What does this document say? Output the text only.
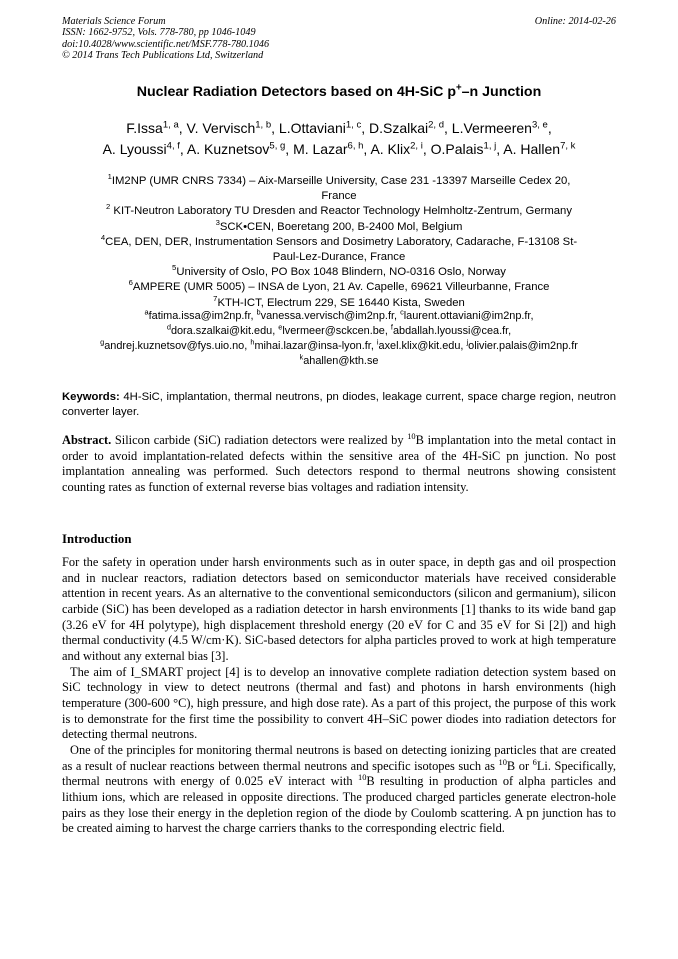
Materials Science Forum
ISSN: 1662-9752, Vols. 778-780, pp 1046-1049
doi:10.4028/www.scientific.net/MSF.778-780.1046
© 2014 Trans Tech Publications Ltd, Switzerland
Online: 2014-02-26
Nuclear Radiation Detectors based on 4H-SiC p+–n Junction
F.Issa$^{1, a}$, V. Vervisch$^{1, b}$, L.Ottaviani$^{1, c}$, D.Szalkai$^{2, d}$, L.Vermeeren$^{3, e}$,
A. Lyoussi$^{4, f}$, A. Kuznetsov$^{5, g}$, M. Lazar$^{6, h}$, A. Klix$^{2, i}$, O.Palais$^{1, j}$, A. Hallen$^{7, k}$
$^1$IM2NP (UMR CNRS 7334) – Aix-Marseille University, Case 231 -13397 Marseille Cedex 20,
France
$^2$ KIT-Neutron Laboratory TU Dresden and Reactor Technology Helmholtz-Zentrum, Germany
$^3$SCK•CEN, Boeretang 200, B-2400 Mol, Belgium
$^4$CEA, DEN, DER, Instrumentation Sensors and Dosimetry Laboratory, Cadarache, F-13108 St-
Paul-Lez-Durance, France
$^5$University of Oslo, PO Box 1048 Blindern, NO-0316 Oslo, Norway
$^6$AMPERE (UMR 5005) – INSA de Lyon, 21 Av. Capelle, 69621 Villeurbanne, France
$^7$KTH-ICT, Electrum 229, SE 16440 Kista, Sweden
$^a$fatima.issa@im2np.fr, $^b$vanessa.vervisch@im2np.fr, $^c$laurent.ottaviani@im2np.fr,
$^d$dora.szalkai@kit.edu, $^e$lvermeer@sckcen.be, $^f$abdallah.lyoussi@cea.fr,
$^g$andrej.kuznetsov@fys.uio.no, $^h$mihai.lazar@insa-lyon.fr, $^i$axel.klix@kit.edu, $^j$olivier.palais@im2np.fr
$^k$ahallen@kth.se
Keywords: 4H-SiC, implantation, thermal neutrons, pn diodes, leakage current, space charge region, neutron converter layer.
Abstract. Silicon carbide (SiC) radiation detectors were realized by $^{10}$B implantation into the metal contact in order to avoid implantation-related defects within the sensitive area of the 4H-SiC pn junction. No post implantation annealing was performed. Such detectors respond to thermal neutrons showing consistent counting rates as function of external reverse bias voltages and radiation intensity.
Introduction

For the safety in operation under harsh environments such as in outer space, in depth gas and oil prospection and in nuclear reactors, radiation detectors based on semiconductor materials have received considerable attention in recent years. As an alternative to the conventional semiconductors (silicon and germanium), silicon carbide (SiC) has been developed as a radiation detector in harsh environments [1] thanks to its wide band gap (3.26 eV for 4H polytype), high displacement threshold energy (20 eV for C and 35 eV for Si [2]) and high thermal conductivity (4.5 W/cm·K). SiC-based detectors for alpha particles proved to work at high temperature and without any external bias [3].

The aim of I_SMART project [4] is to develop an innovative complete radiation detection system based on SiC technology in view to detect neutrons (thermal and fast) and photons in harsh environments (high temperature (300-600 °C), high pressure, and high dose rate). As a part of this project, the purpose of this work is to demonstrate for the first time the possibility to convert 4H–SiC power diodes into radiation detectors for detecting thermal neutrons.

One of the principles for monitoring thermal neutrons is based on detecting ionizing particles that are created as a result of nuclear reactions between thermal neutrons and specific isotopes such as $^{10}$B or $^6$Li. Specifically, thermal neutrons with energy of 0.025 eV interact with $^{10}$B resulting in production of alpha particles and lithium ions, which are released in opposite directions. The produced charged particles generate electron-hole pairs as they lose their energy in the depletion region of the diode by Coulomb scattering. A pn junction has to be created aiming to harvest the charge carriers thanks to the corresponding electric field.
